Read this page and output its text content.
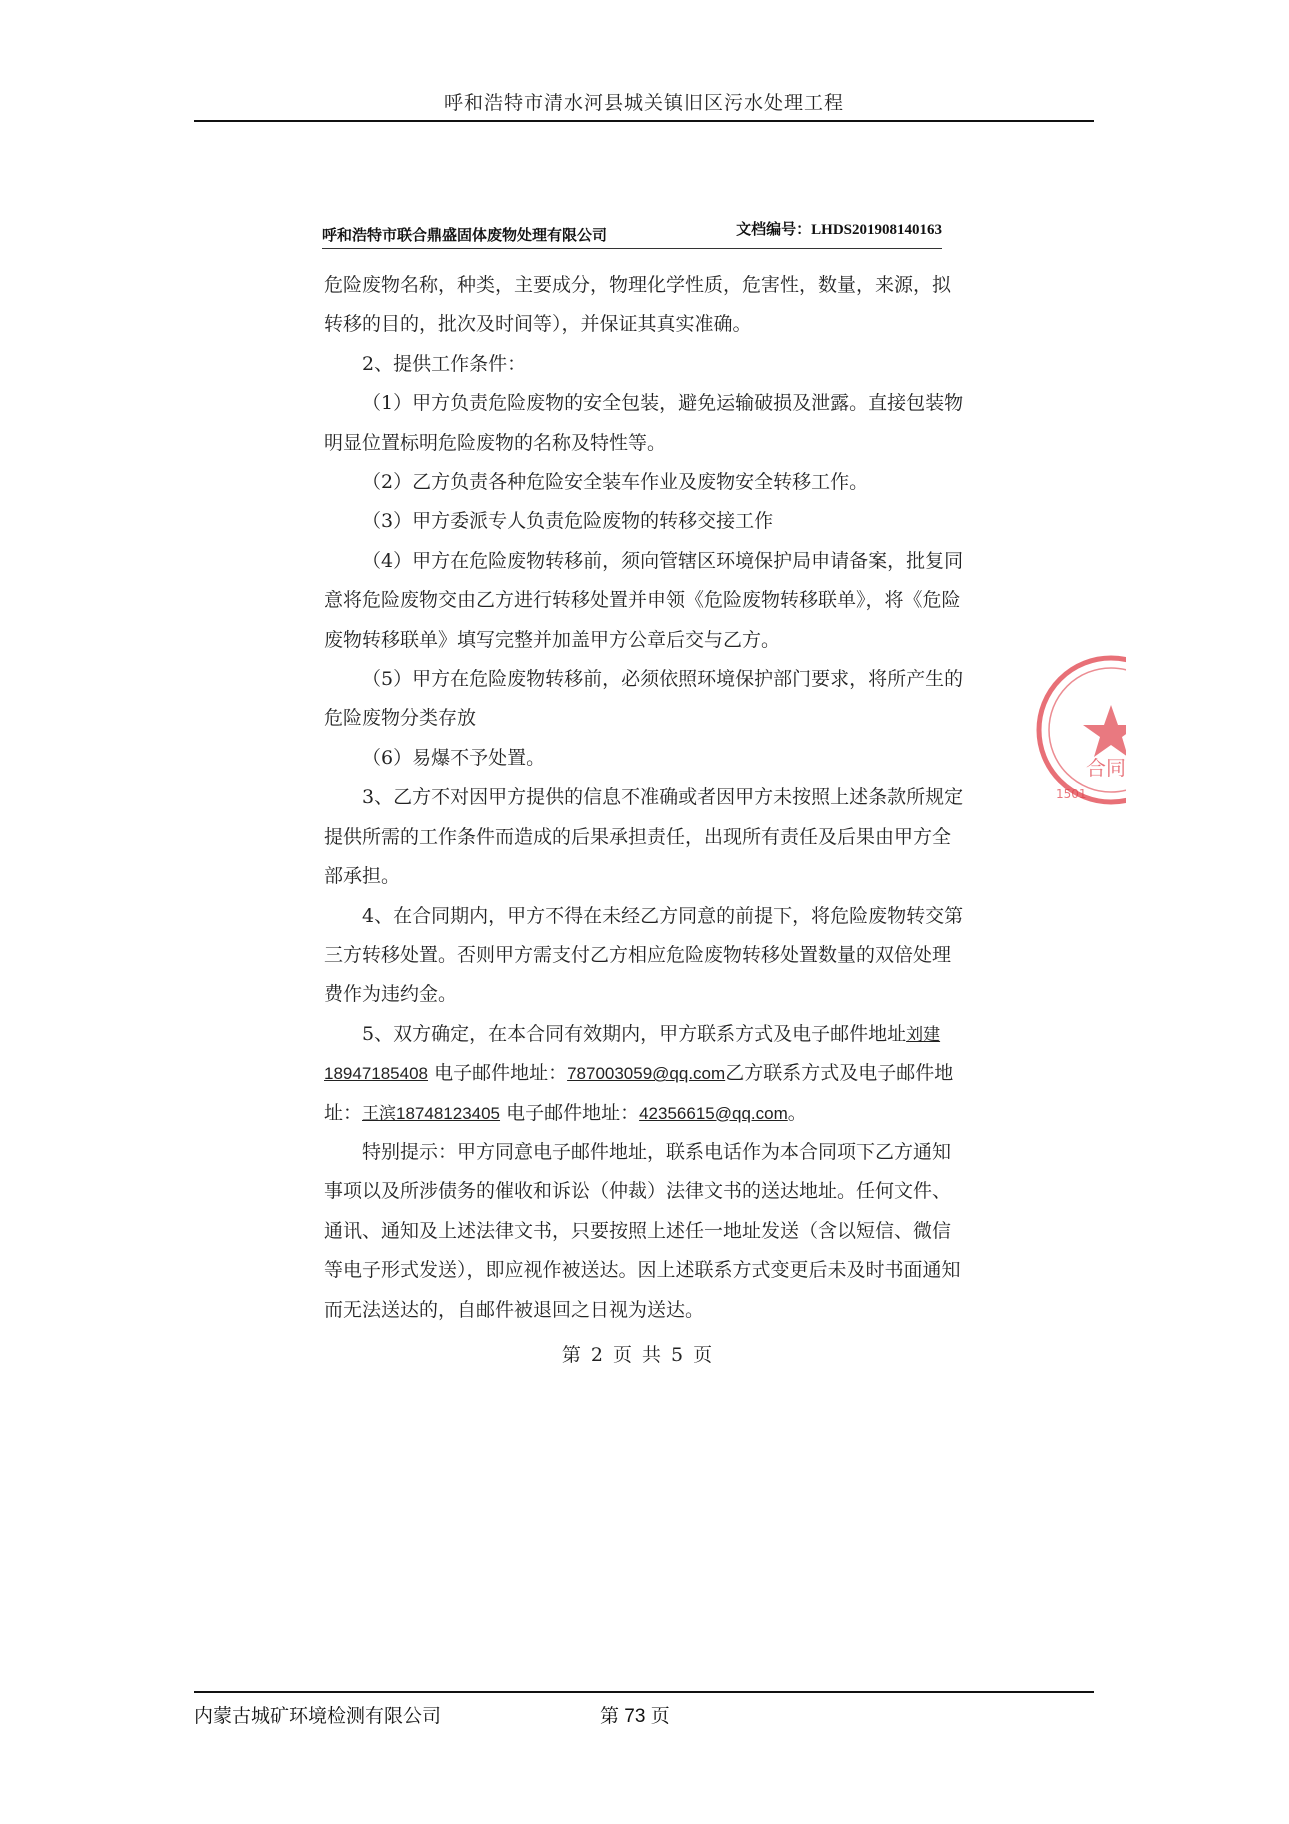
呼和浩特市清水河县城关镇旧区污水处理工程
呼和浩特市联合鼎盛固体废物处理有限公司	文档编号：LHDS201908140163

危险废物名称，种类，主要成分，物理化学性质，危害性，数量，来源，拟转移的目的，批次及时间等），并保证其真实准确。

2、提供工作条件：

（1）甲方负责危险废物的安全包装，避免运输破损及泄露。直接包装物明显位置标明危险废物的名称及特性等。

（2）乙方负责各种危险安全装车作业及废物安全转移工作。

（3）甲方委派专人负责危险废物的转移交接工作

（4）甲方在危险废物转移前，须向管辖区环境保护局申请备案，批复同意将危险废物交由乙方进行转移处置并申领《危险废物转移联单》，将《危险废物转移联单》填写完整并加盖甲方公章后交与乙方。

（5）甲方在危险废物转移前，必须依照环境保护部门要求，将所产生的危险废物分类存放

（6）易爆不予处置。

3、乙方不对因甲方提供的信息不准确或者因甲方未按照上述条款所规定提供所需的工作条件而造成的后果承担责任，出现所有责任及后果由甲方全部承担。

4、在合同期内，甲方不得在未经乙方同意的前提下，将危险废物转交第三方转移处置。否则甲方需支付乙方相应危险废物转移处置数量的双倍处理费作为违约金。

5、双方确定，在本合同有效期内，甲方联系方式及电子邮件地址刘建18947185408 电子邮件地址：787003059@qq.com乙方联系方式及电子邮件地址：王滨18748123405 电子邮件地址：42356615@qq.com。

特别提示：甲方同意电子邮件地址，联系电话作为本合同项下乙方通知事项以及所涉债务的催收和诉讼（仲裁）法律文书的送达地址。任何文件、通讯、通知及上述法律文书，只要按照上述任一地址发送（含以短信、微信等电子形式发送），即应视作被送达。因上述联系方式变更后未及时书面通知而无法送达的，自邮件被退回之日视为送达。

第 2 页 共 5 页
合同
1501
内蒙古城矿环境检测有限公司	第 73 页
